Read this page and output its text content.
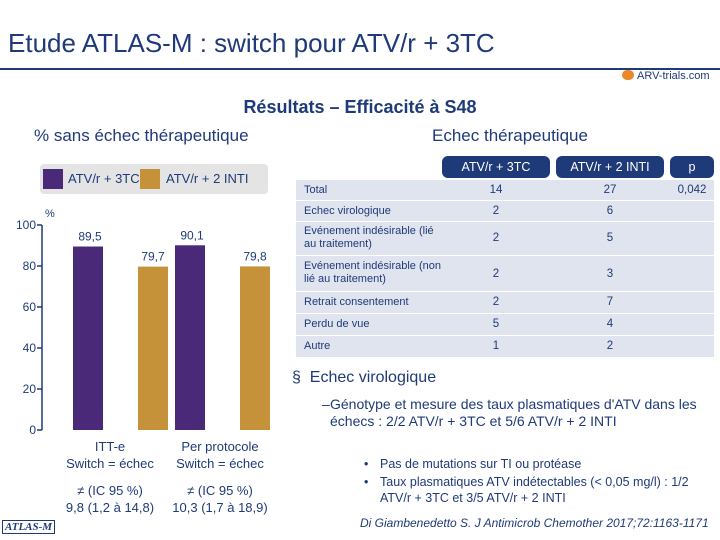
Etude ATLAS-M : switch pour ATV/r + 3TC
ARV-trials.com
Résultats – Efficacité à S48
% sans échec thérapeutique	Echec thérapeutique
ATV/r + 3TC ATV/r + 2 INTI
100
80
60
40
20
0
%
89,5
79,7
90,1
79,8
ITT-e
Switch = échec
≠ (IC 95 %)
9,8 (1,2 à 14,8)
Per protocole
Switch = échec
≠ (IC 95 %)
10,3 (1,7 à 18,9)
ATV/r + 3TC	ATV/r + 2 INTI	p
Total	14	27	0,042
Echec virologique	2	6
Evénement indésirable (lié au traitement)	2	5
Evénement indésirable (non lié au traitement)	2	3
Retrait consentement	2	7
Perdu de vue	5	4
Autre	1	2
§ Echec virologique
– Génotype et mesure des taux plasmatiques d'ATV dans les échecs : 2/2 ATV/r + 3TC et 5/6 ATV/r + 2 INTI
• Pas de mutations sur TI ou protéase
• Taux plasmatiques ATV indétectables (< 0,05 mg/l) : 1/2 ATV/r + 3TC et 3/5 ATV/r + 2 INTI
Di Giambenedetto S. J Antimicrob Chemother 2017;72:1163-1171
ATLAS-M
